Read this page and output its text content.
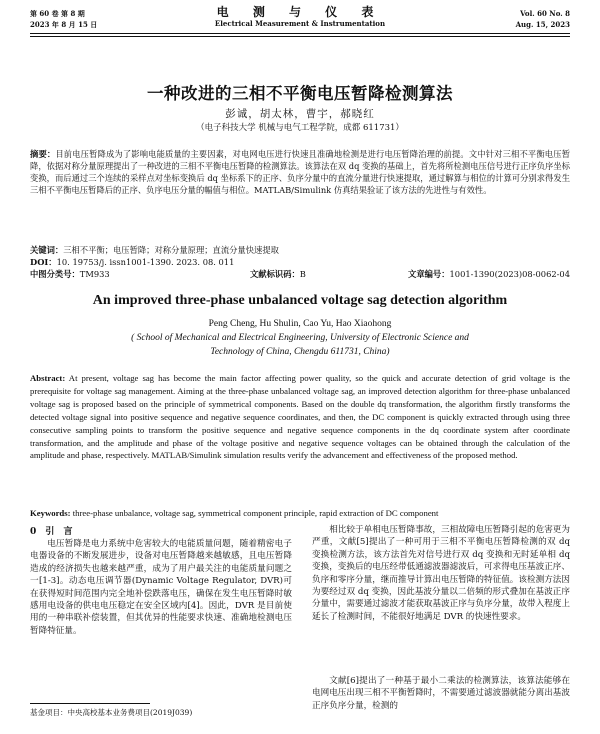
第 60 卷 第 8 期
2023 年 8 月 15 日
电 测 与 仪 表
Electrical Measurement & Instrumentation
Vol. 60 No. 8
Aug. 15, 2023
一种改进的三相不平衡电压暂降检测算法
彭诚，胡太林，曹宇，郝晓红
（电子科技大学 机械与电气工程学院，成都 611731）
摘要：目前电压暂降成为了影响电能质量的主要因素，对电网电压进行快速且准确地检测是进行电压暂降治理的前提。文中针对三相不平衡电压暂降，依据对称分量原理提出了一种改进的三相不平衡电压暂降的检测算法。该算法在双 dq 变换的基础上，首先将所检测电压信号进行正序负序坐标变换，而后通过三个连续的采样点对坐标变换后 dq 坐标系下的正序、负序分量中的直流分量进行快速提取，通过解算与相位的计算可分别求得发生三相不平衡电压暂降后的正序、负序电压分量的幅值与相位。MATLAB/Simulink 仿真结果验证了该方法的先进性与有效性。
关键词：三相不平衡；电压暂降；对称分量原理；直流分量快速提取
DOI：10. 19753/j. issn1001-1390. 2023. 08. 011
中图分类号：TM933	文献标识码：B	文章编号：1001-1390(2023)08-0062-04
An improved three-phase unbalanced voltage sag detection algorithm
Peng Cheng, Hu Shulin, Cao Yu, Hao Xiaohong
( School of Mechanical and Electrical Engineering, University of Electronic Science and
Technology of China, Chengdu 611731, China)
Abstract: At present, voltage sag has become the main factor affecting power quality, so the quick and accurate detection of grid voltage is the prerequisite for voltage sag management. Aiming at the three-phase unbalanced voltage sag, an improved detection algorithm for three-phase unbalanced voltage sag is proposed based on the principle of symmetrical components. Based on the double dq transformation, the algorithm firstly transforms the detected voltage signal into positive sequence and negative sequence coordinates, and then, the DC component is quickly extracted through using three consecutive sampling points to transform the positive sequence and negative sequence components in the dq coordinate system after coordinate transformation, and the amplitude and phase of the voltage positive and negative sequence voltages can be obtained through the calculation of the amplitude and phase, respectively. MATLAB/Simulink simulation results verify the advancement and effectiveness of the proposed method.
Keywords: three-phase unbalance, voltage sag, symmetrical component principle, rapid extraction of DC component
0 引 言
电压暂降是电力系统中危害较大的电能质量问题，随着精密电子电器设备的不断发展进步，设备对电压暂降越来越敏感，且电压暂降造成的经济损失也越来越严重，成为了用户最关注的电能质量问题之一[1-3]。动态电压调节器(Dynamic Voltage Regulator, DVR)可在获得短时间范围内完全地补偿跌落电压，确保在发生电压暂降时敏感用电设备的供电电压稳定在安全区域内[4]。因此，DVR 是目前使用的一种串联补偿装置，但其优异的性能要求快速、准确地检测电压暂降特征量。
相比较于单相电压暂降事故，三相故障电压暂降引起的危害更为严重，文献[5]提出了一种可用于三相不平衡电压暂降检测的双 dq 变换检测方法，该方法首先对信号进行双 dq 变换和无时延单相 dq 变换，变换后的电压经带低通滤波器滤波后，可求得电压基波正序、负序和零序分量，继而推导计算出电压暂降的特征值。该检测方法因为要经过双 dq 变换，因此基波分量以二倍频的形式叠加在基波正序分量中，需要通过滤波才能获取基波正序与负序分量，故带入程度上延长了检测时间，不能很好地满足 DVR 的快速性要求。
文献[6]提出了一种基于最小二乘法的检测算法，该算法能够在电网电压出现三相不平衡暂降时，不需要通过滤波器就能分离出基波正序负序分量，检测的
基金项目：中央高校基本业务费项目(2019J039)
